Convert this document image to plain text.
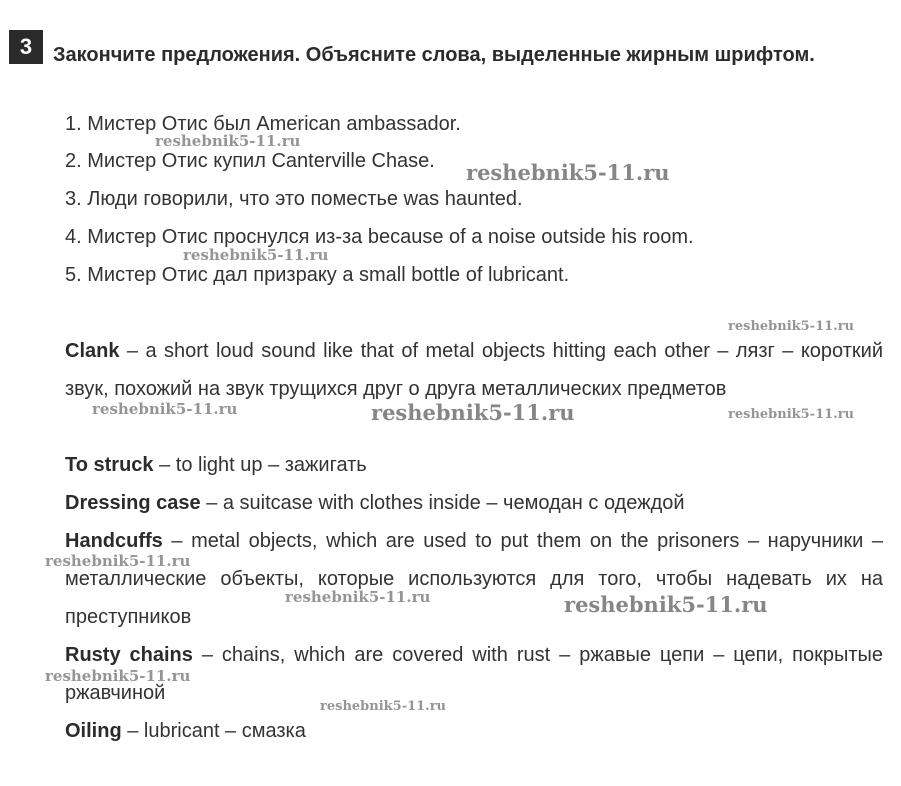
3	Закончите предложения. Объясните слова, выделенные жирным шрифтом.

1. Мистер Отис был American ambassador.
2. Мистер Отис купил Canterville Chase.
3. Люди говорили, что это поместье was haunted.
4. Мистер Отис проснулся из-за because of a noise outside his room.
5. Мистер Отис дал призраку a small bottle of lubricant.

Clank – a short loud sound like that of metal objects hitting each other – лязг – короткий звук, похожий на звук трущихся друг о друга металлических предметов

To struck – to light up – зажигать

Dressing case – a suitcase with clothes inside – чемодан с одеждой

Handcuffs – metal objects, which are used to put them on the prisoners – наручники – металлические объекты, которые используются для того, чтобы надевать их на преступников

Rusty chains – chains, which are covered with rust – ржавые цепи – цепи, покрытые ржавчиной

Oiling – lubricant – смазка

reshebnik5-11.ru
reshebnik5-11.ru
reshebnik5-11.ru
reshebnik5-11.ru
reshebnik5-11.ru	reshebnik5-11.ru	reshebnik5-11.ru
reshebnik5-11.ru
reshebnik5-11.ru	reshebnik5-11.ru
reshebnik5-11.ru
reshebnik5-11.ru
